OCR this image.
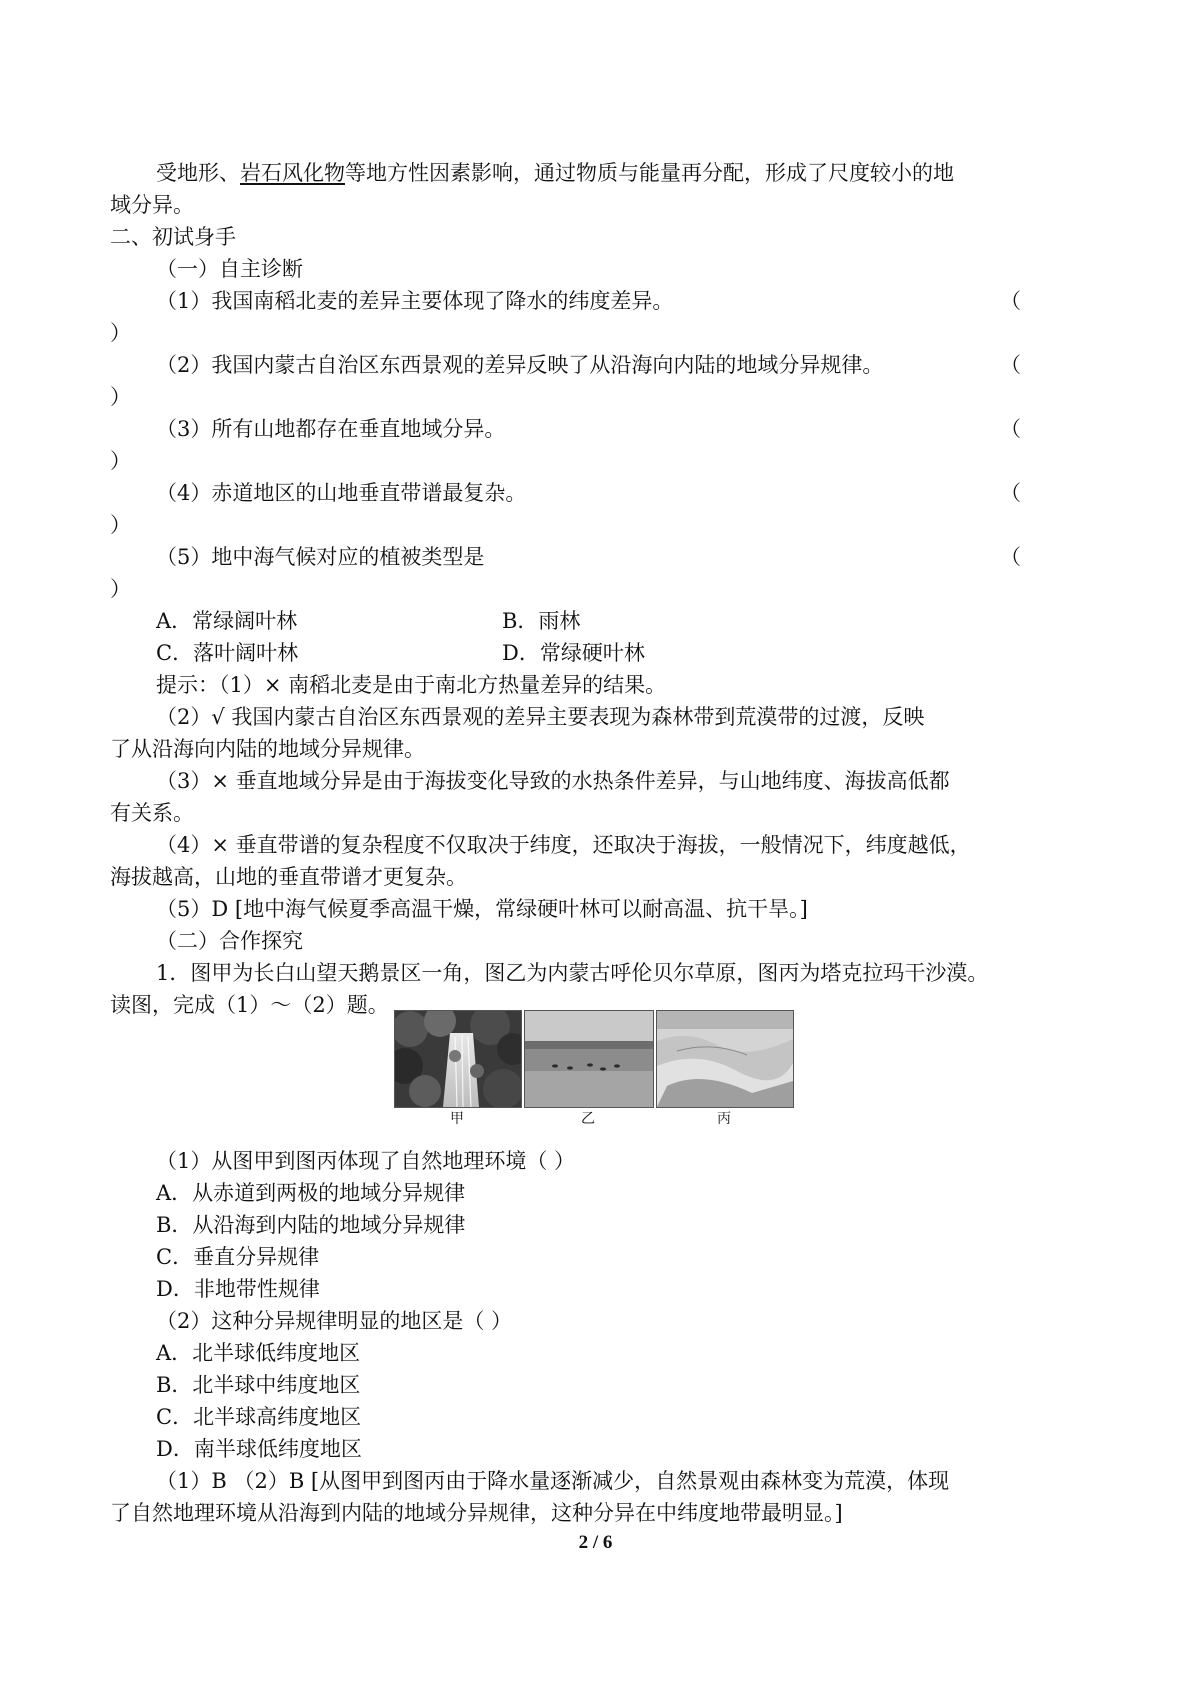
受地形、岩石风化物等地方性因素影响，通过物质与能量再分配，形成了尺度较小的地
域分异。
二、初试身手
（一）自主诊断
（1）我国南稻北麦的差异主要体现了降水的纬度差异。	（
）
（2）我国内蒙古自治区东西景观的差异反映了从沿海向内陆的地域分异规律。	（
）
（3）所有山地都存在垂直地域分异。	（
）
（4）赤道地区的山地垂直带谱最复杂。	（
）
（5）地中海气候对应的植被类型是	（
）
A．常绿阔叶林	B．雨林
C．落叶阔叶林	D．常绿硬叶林
提示：（1）× 南稻北麦是由于南北方热量差异的结果。
（2）√ 我国内蒙古自治区东西景观的差异主要表现为森林带到荒漠带的过渡，反映
了从沿海向内陆的地域分异规律。
（3）× 垂直地域分异是由于海拔变化导致的水热条件差异，与山地纬度、海拔高低都
有关系。
（4）× 垂直带谱的复杂程度不仅取决于纬度，还取决于海拔，一般情况下，纬度越低，
海拔越高，山地的垂直带谱才更复杂。
（5）D [地中海气候夏季高温干燥，常绿硬叶林可以耐高温、抗干旱。]
（二）合作探究
1．图甲为长白山望天鹅景区一角，图乙为内蒙古呼伦贝尔草原，图丙为塔克拉玛干沙漠。
读图，完成（1）～（2）题。
甲	乙	丙
（1）从图甲到图丙体现了自然地理环境（ ）
A．从赤道到两极的地域分异规律
B．从沿海到内陆的地域分异规律
C．垂直分异规律
D．非地带性规律
（2）这种分异规律明显的地区是（ ）
A．北半球低纬度地区
B．北半球中纬度地区
C．北半球高纬度地区
D．南半球低纬度地区
（1）B （2）B [从图甲到图丙由于降水量逐渐减少，自然景观由森林变为荒漠，体现
了自然地理环境从沿海到内陆的地域分异规律，这种分异在中纬度地带最明显。]
2 / 6
